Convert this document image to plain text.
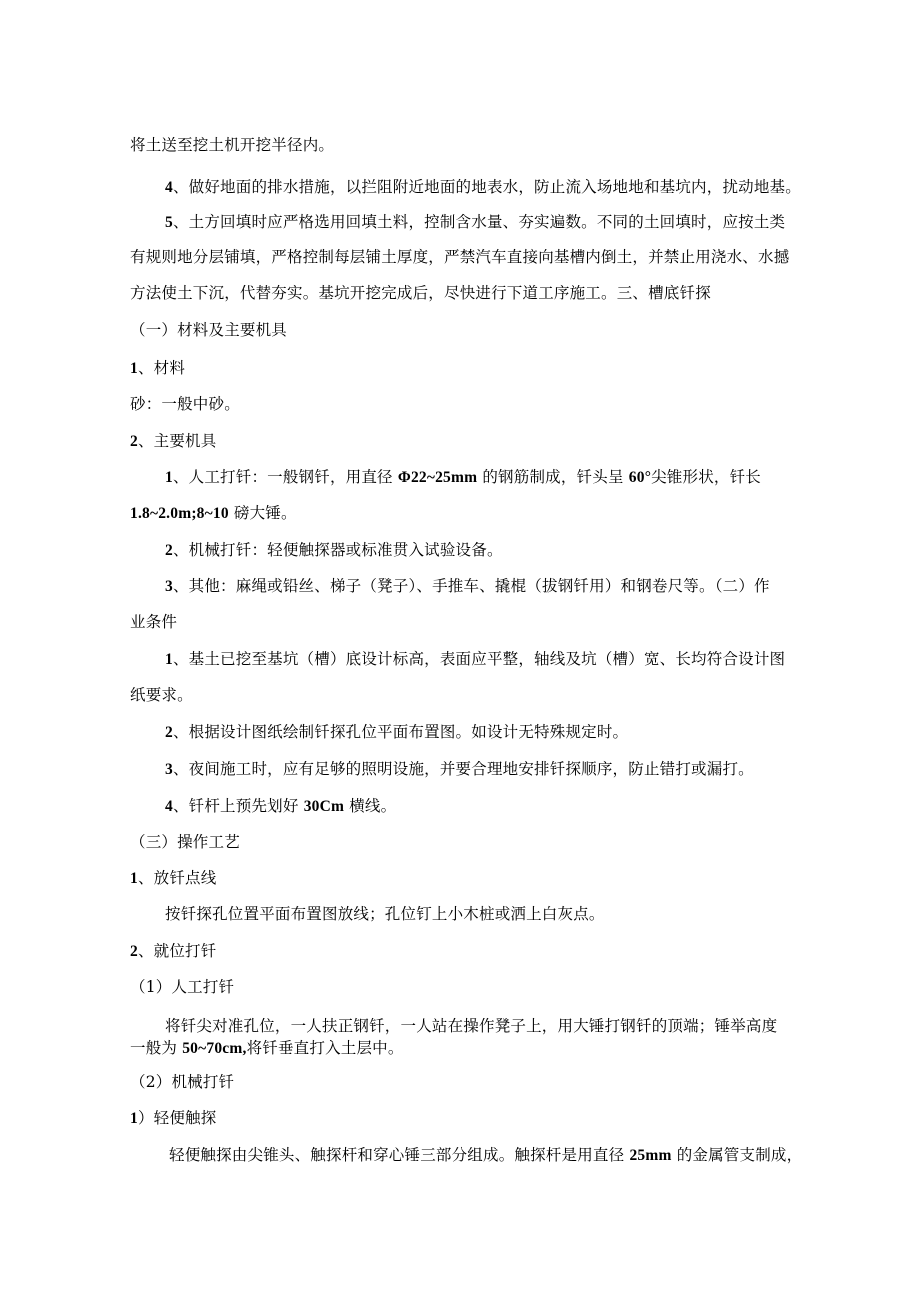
将土送至挖土机开挖半径内。
4、做好地面的排水措施，以拦阻附近地面的地表水，防止流入场地地和基坑内，扰动地基。
5、土方回填时应严格选用回填土料，控制含水量、夯实遍数。不同的土回填时，应按土类
有规则地分层铺填，严格控制每层铺土厚度，严禁汽车直接向基槽内倒土，并禁止用浇水、水撼
方法使土下沉，代替夯实。基坑开挖完成后，尽快进行下道工序施工。三、槽底钎探
（一）材料及主要机具
1、材料
砂：一般中砂。
2、主要机具
1、人工打钎：一般钢钎，用直径 Φ22~25mm 的钢筋制成，钎头呈 60°尖锥形状，钎长
1.8~2.0m;8~10 磅大锤。
2、机械打钎：轻便触探器或标准贯入试验设备。
3、其他：麻绳或铅丝、梯子（凳子）、手推车、撬棍（拔钢钎用）和钢卷尺等。（二）作
业条件
1、基土已挖至基坑（槽）底设计标高，表面应平整，轴线及坑（槽）宽、长均符合设计图
纸要求。
2、根据设计图纸绘制钎探孔位平面布置图。如设计无特殊规定时。
3、夜间施工时，应有足够的照明设施，并要合理地安排钎探顺序，防止错打或漏打。
4、钎杆上预先划好 30Cm 横线。
（三）操作工艺
1、放钎点线
按钎探孔位置平面布置图放线；孔位钉上小木桩或洒上白灰点。
2、就位打钎
（1）人工打钎
将钎尖对准孔位，一人扶正钢钎，一人站在操作凳子上，用大锤打钢钎的顶端；锤举高度
一般为 50~70cm,将钎垂直打入土层中。
（2）机械打钎
1）轻便触探
轻便触探由尖锥头、触探杆和穿心锤三部分组成。触探杆是用直径 25mm 的金属管支制成，
